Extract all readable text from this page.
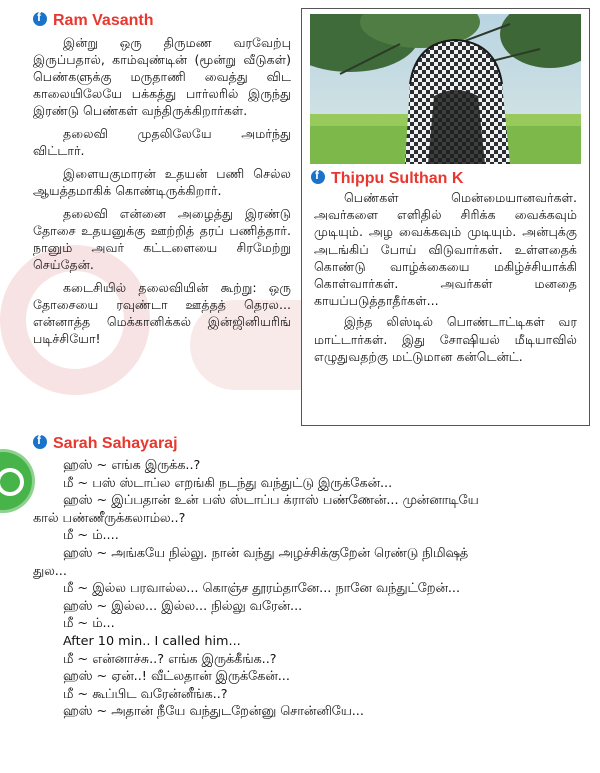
fRam Vasanth

இன்று ஒரு திருமண வரவேற்பு இருப்பதால், காம்வுண்டின் (மூன்று வீடுகள்) பெண்களுக்கு மருதாணி வைத்து விட காலையிலேயே பக்கத்து பார்லரில் இருந்து இரண்டு பெண்கள் வந்திருக்கிறார்கள்.

தலைவி முதலிலேயே அமர்ந்து விட்டார்.

இளையகுமாரன் உதயன் பணி செல்ல ஆயத்தமாகிக் கொண்டிருக்கிறார்.

தலைவி என்னை அழைத்து இரண்டு தோசை உதயனுக்கு ஊற்றித் தரப் பணித்தார். நானும் அவர் கட்டளையை சிரமேற்று செய்தேன்.

கடைசியில் தலைவியின் கூற்று: ஒரு தோசையை ரவுண்டா ஊத்தத் தெரல... என்னாத்த மெக்கானிக்கல் இன்ஜினியரிங் படிச்சியோ!

fThippu Sulthan K

பெண்கள் மென்மையானவர்கள். அவர்களை எளிதில் சிரிக்க வைக்கவும் முடியும். அழ வைக்கவும் முடியும். அன்புக்கு அடங்கிப் போய் விடுவார்கள். உள்ளதைக் கொண்டு வாழ்க்கையை மகிழ்ச்சியாக்கி கொள்வார்கள். அவர்கள் மனதை காயப்படுத்தாதீர்கள்...

இந்த லிஸ்டில் பொண்டாட்டிகள் வர மாட்டார்கள். இது சோஷியல் மீடியாவில் எழுதுவதற்கு மட்டுமான கன்டென்ட்.

fSarah Sahayaraj
ஹஸ் ~ எங்க இருக்க..?
மீ ~ பஸ் ஸ்டாப்ல எறங்கி நடந்து வந்துட்டு இருக்கேன்...
ஹஸ் ~ இப்பதான் உன் பஸ் ஸ்டாப்ப க்ராஸ் பண்ணேன்... முன்னாடியே
கால் பண்ணீருக்கலாம்ல..?
மீ ~ ம்....
ஹஸ் ~ அங்கயே நில்லு. நான் வந்து அழச்சிக்குறேன் ரெண்டு நிமிஷத்
துல...
மீ ~ இல்ல பரவால்ல... கொஞ்ச தூரம்தானே... நானே வந்துட்றேன்...
ஹஸ் ~ இல்ல... இல்ல... நில்லு வரேன்...
மீ ~ ம்...
After 10 min.. I called him...
மீ ~ என்னாச்சு..? எங்க இருக்கீங்க..?
ஹஸ் ~ ஏன்..! வீட்லதான் இருக்கேன்...
மீ ~ கூப்பிட வரேன்னீங்க..?
ஹஸ் ~ அதான் நீயே வந்துடறேன்னு சொன்னியே...
